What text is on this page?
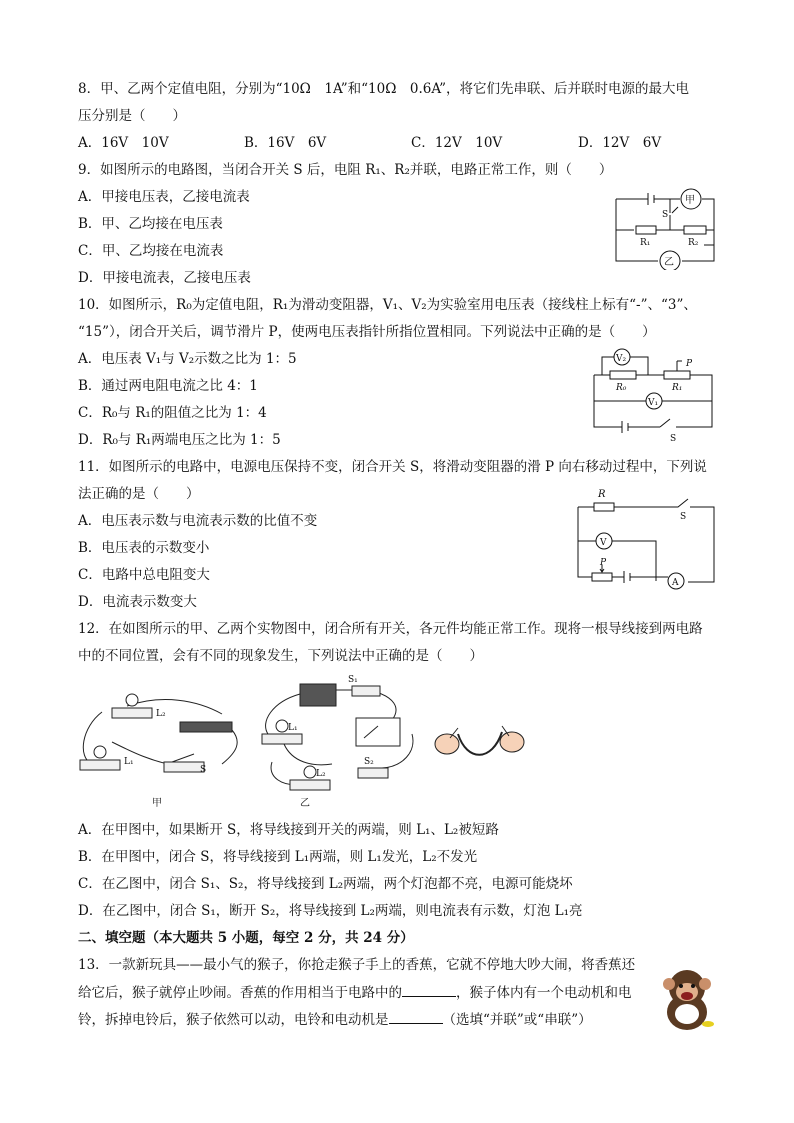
8．甲、乙两个定值电阻，分别为“10Ω　1A”和“10Ω　0.6A”，将它们先串联、后并联时电源的最大电
压分别是（　　）
A．16V　10V	B．16V　6V	C．12V　10V	D．12V　6V
9．如图所示的电路图，当闭合开关 S 后，电阻 R₁、R₂并联，电路正常工作，则（　　）
A．甲接电压表，乙接电流表
B．甲、乙均接在电压表
C．甲、乙均接在电流表
D．甲接电流表，乙接电压表
甲
乙
S
R₁	R₂
10．如图所示，R₀为定值电阻，R₁为滑动变阻器，V₁、V₂为实验室用电压表（接线柱上标有“-”、“3”、
“15”），闭合开关后，调节滑片 P，使两电压表指针所指位置相同。下列说法中正确的是（　　）
A．电压表 V₁与 V₂示数之比为 1：5
B．通过两电阻电流之比 4：1
C．R₀与 R₁的阻值之比为 1：4
D．R₀与 R₁两端电压之比为 1：5
V₂
V₁
R₀	R₁
P
S
11．如图所示的电路中，电源电压保持不变，闭合开关 S，将滑动变阻器的滑 P 向右移动过程中，下列说
法正确的是（　　）
A．电压表示数与电流表示数的比值不变
B．电压表的示数变小
C．电路中总电阻变大
D．电流表示数变大
R
S
V
P
A
12．在如图所示的甲、乙两个实物图中，闭合所有开关，各元件均能正常工作。现将一根导线接到两电路
中的不同位置，会有不同的现象发生，下列说法中正确的是（　　）
L₂
L₁
S
甲
S₁
L₁
L₂
S₂
乙
A．在甲图中，如果断开 S，将导线接到开关的两端，则 L₁、L₂被短路
B．在甲图中，闭合 S，将导线接到 L₁两端，则 L₁发光，L₂不发光
C．在乙图中，闭合 S₁、S₂，将导线接到 L₂两端，两个灯泡都不亮，电源可能烧坏
D．在乙图中，闭合 S₁，断开 S₂，将导线接到 L₂两端，则电流表有示数，灯泡 L₁亮
二、填空题（本大题共 5 小题，每空 2 分，共 24 分）
13．一款新玩具——最小气的猴子，你抢走猴子手上的香蕉，它就不停地大吵大闹，将香蕉还
给它后，猴子就停止吵闹。香蕉的作用相当于电路中的	，猴子体内有一个电动机和电
铃，拆掉电铃后，猴子依然可以动，电铃和电动机是	（选填“并联”或“串联”）
